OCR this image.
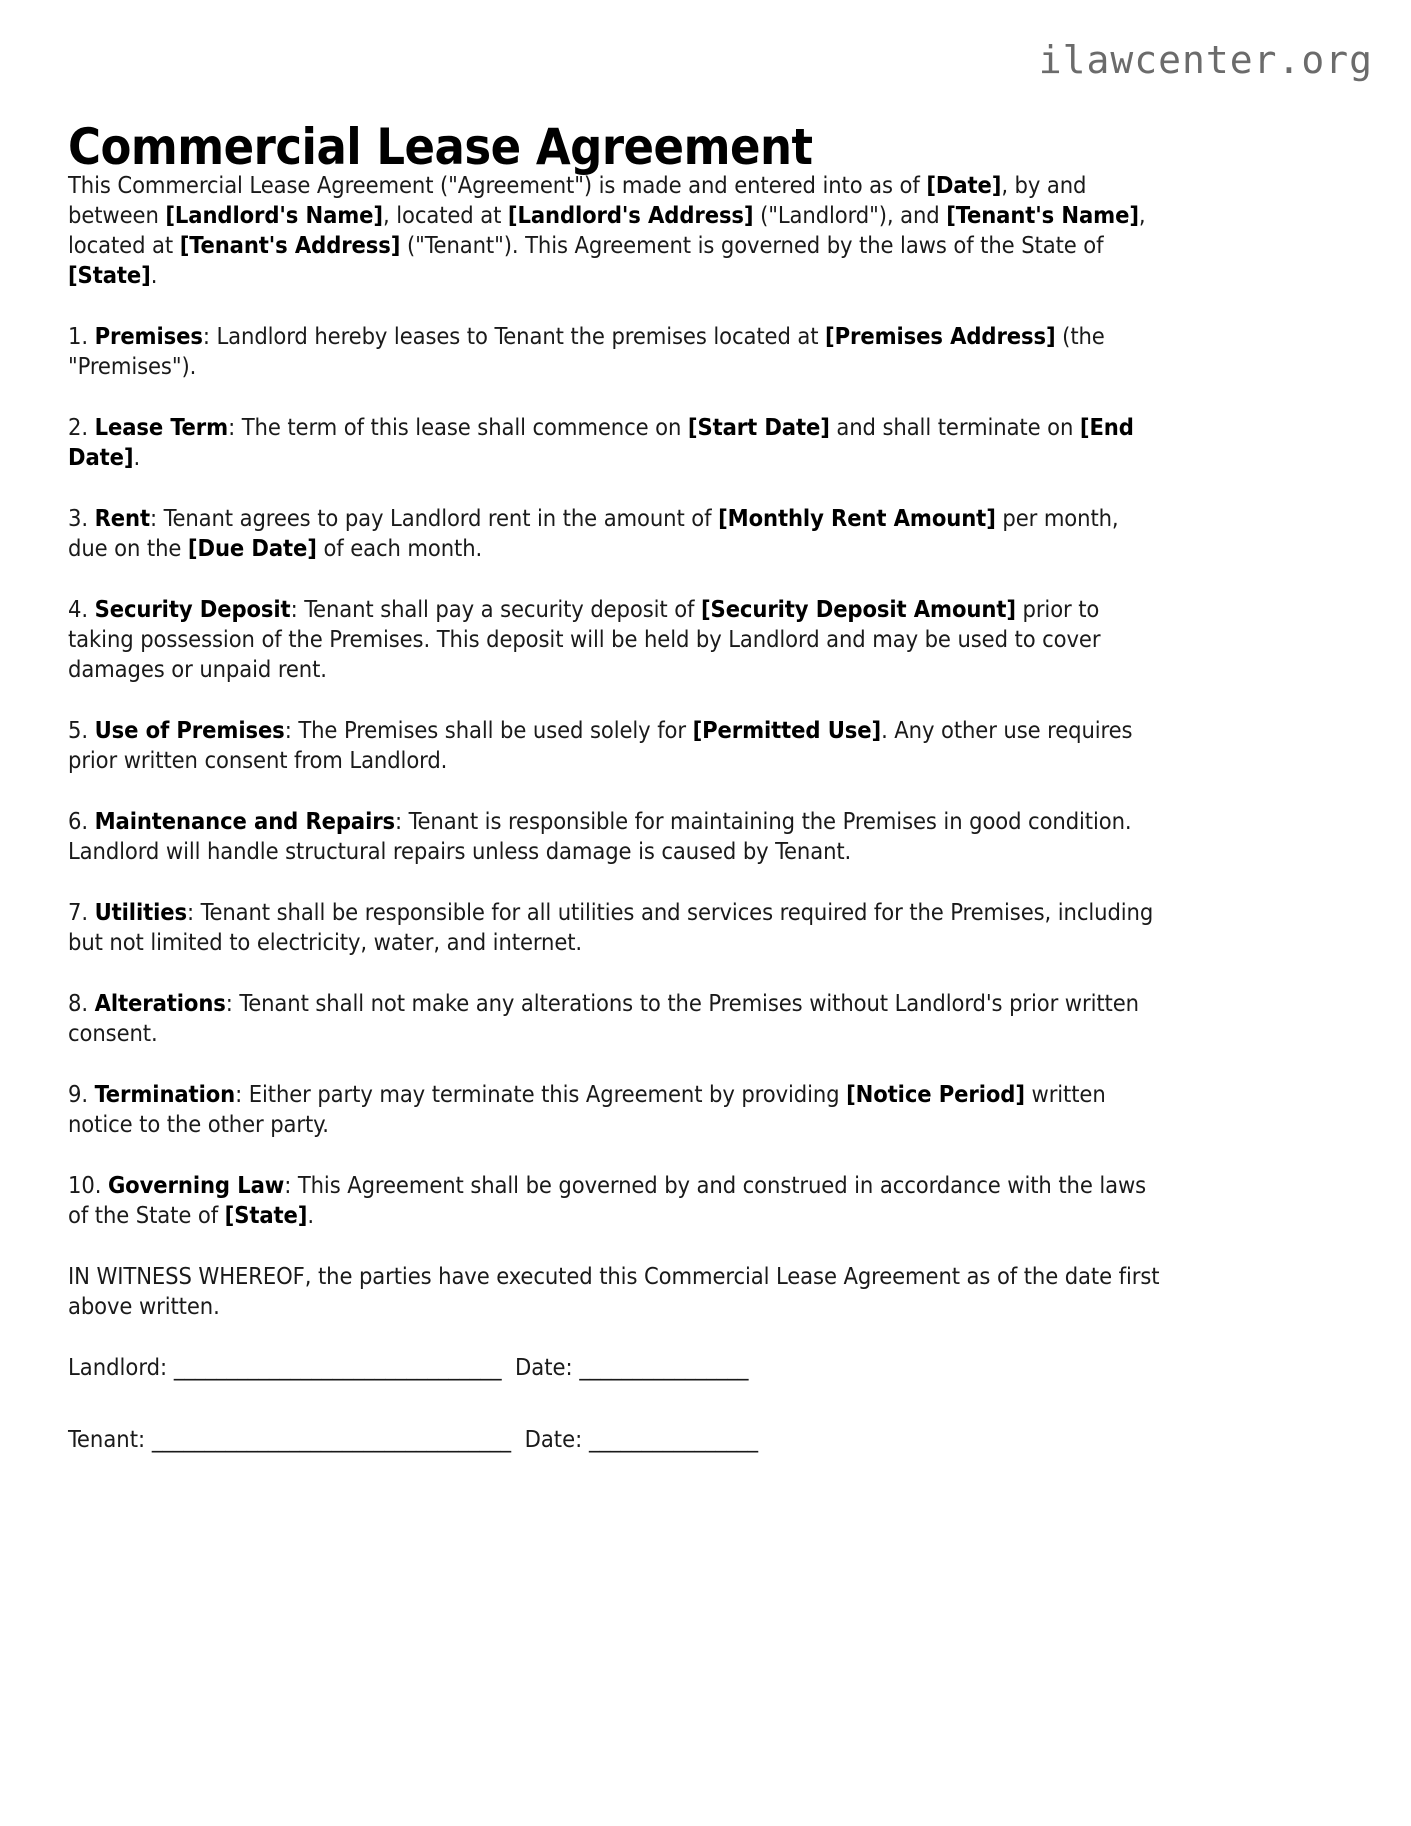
ilawcenter.org
Commercial Lease Agreement

This Commercial Lease Agreement ("Agreement") is made and entered into as of [Date], by and between [Landlord's Name], located at [Landlord's Address] ("Landlord"), and [Tenant's Name], located at [Tenant's Address] ("Tenant"). This Agreement is governed by the laws of the State of [State].

1. Premises: Landlord hereby leases to Tenant the premises located at [Premises Address] (the "Premises").

2. Lease Term: The term of this lease shall commence on [Start Date] and shall terminate on [End Date].

3. Rent: Tenant agrees to pay Landlord rent in the amount of [Monthly Rent Amount] per month, due on the [Due Date] of each month.

4. Security Deposit: Tenant shall pay a security deposit of [Security Deposit Amount] prior to taking possession of the Premises. This deposit will be held by Landlord and may be used to cover damages or unpaid rent.

5. Use of Premises: The Premises shall be used solely for [Permitted Use]. Any other use requires prior written consent from Landlord.

6. Maintenance and Repairs: Tenant is responsible for maintaining the Premises in good condition. Landlord will handle structural repairs unless damage is caused by Tenant.

7. Utilities: Tenant shall be responsible for all utilities and services required for the Premises, including but not limited to electricity, water, and internet.

8. Alterations: Tenant shall not make any alterations to the Premises without Landlord's prior written consent.

9. Termination: Either party may terminate this Agreement by providing [Notice Period] written notice to the other party.

10. Governing Law: This Agreement shall be governed by and construed in accordance with the laws of the State of [State].

IN WITNESS WHEREOF, the parties have executed this Commercial Lease Agreement as of the date first above written.

Landlord: _______________________________  Date: ________________

Tenant: __________________________________  Date: ________________
